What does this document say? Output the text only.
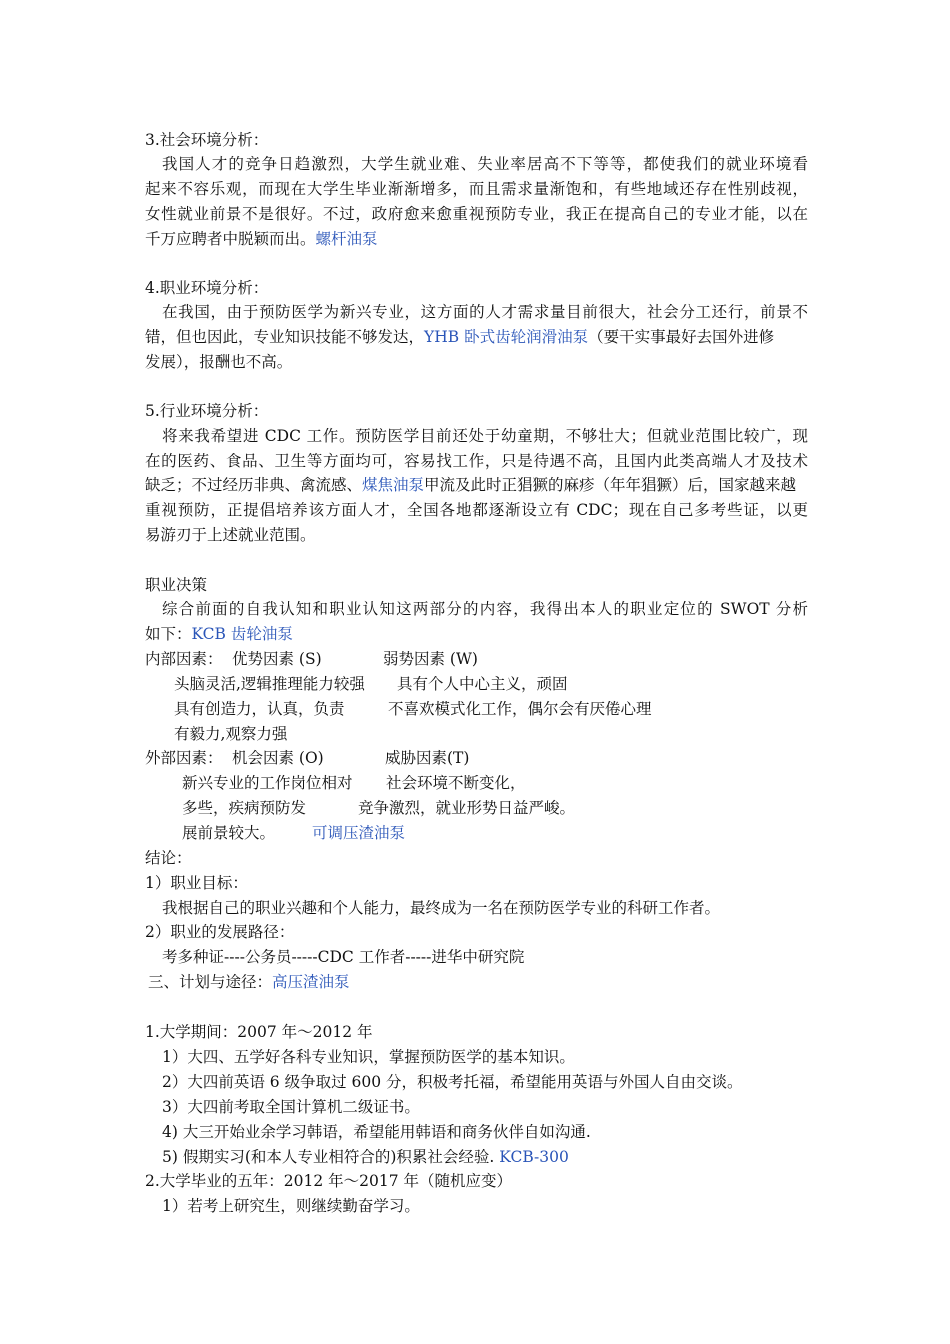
3.社会环境分析：
我国人才的竞争日趋激烈，大学生就业难、失业率居高不下等等，都使我们的就业环境看
起来不容乐观，而现在大学生毕业渐渐增多，而且需求量渐饱和，有些地域还存在性别歧视，
女性就业前景不是很好。不过，政府愈来愈重视预防专业，我正在提高自己的专业才能，以在
千万应聘者中脱颖而出。螺杆油泵
4.职业环境分析：
在我国，由于预防医学为新兴专业，这方面的人才需求量目前很大，社会分工还行，前景不
错，但也因此，专业知识技能不够发达，YHB 卧式齿轮润滑油泵（要干实事最好去国外进修
发展），报酬也不高。
5.行业环境分析：
将来我希望进 CDC 工作。预防医学目前还处于幼童期，不够壮大；但就业范围比较广，现
在的医药、食品、卫生等方面均可，容易找工作，只是待遇不高，且国内此类高端人才及技术
缺乏；不过经历非典、禽流感、煤焦油泵甲流及此时正猖獗的麻疹（年年猖獗）后，国家越来越
重视预防，正提倡培养该方面人才，全国各地都逐渐设立有 CDC；现在自己多考些证，以更
易游刃于上述就业范围。
职业决策
综合前面的自我认知和职业认知这两部分的内容，我得出本人的职业定位的 SWOT 分析
如下：KCB 齿轮油泵
内部因素： 优势因素 (S)	弱势因素 (W)
头脑灵活,逻辑推理能力较强 具有个人中心主义，顽固
具有创造力，认真，负责	不喜欢模式化工作，偶尔会有厌倦心理
有毅力,观察力强
外部因素： 机会因素 (O)	威胁因素(T)
新兴专业的工作岗位相对 社会环境不断变化，
多些，疾病预防发	竞争激烈，就业形势日益严峻。
展前景较大。 可调压渣油泵
结论：
1）职业目标：
我根据自己的职业兴趣和个人能力，最终成为一名在预防医学专业的科研工作者。
2）职业的发展路径：
考多种证----公务员-----CDC 工作者-----进华中研究院
三、计划与途径：高压渣油泵
1.大学期间：2007 年～2012 年
1）大四、五学好各科专业知识，掌握预防医学的基本知识。
2）大四前英语 6 级争取过 600 分，积极考托福，希望能用英语与外国人自由交谈。
3）大四前考取全国计算机二级证书。
4) 大三开始业余学习韩语，希望能用韩语和商务伙伴自如沟通.
5) 假期实习(和本人专业相符合的)积累社会经验. KCB-300
2.大学毕业的五年：2012 年～2017 年（随机应变）
1）若考上研究生，则继续勤奋学习。
